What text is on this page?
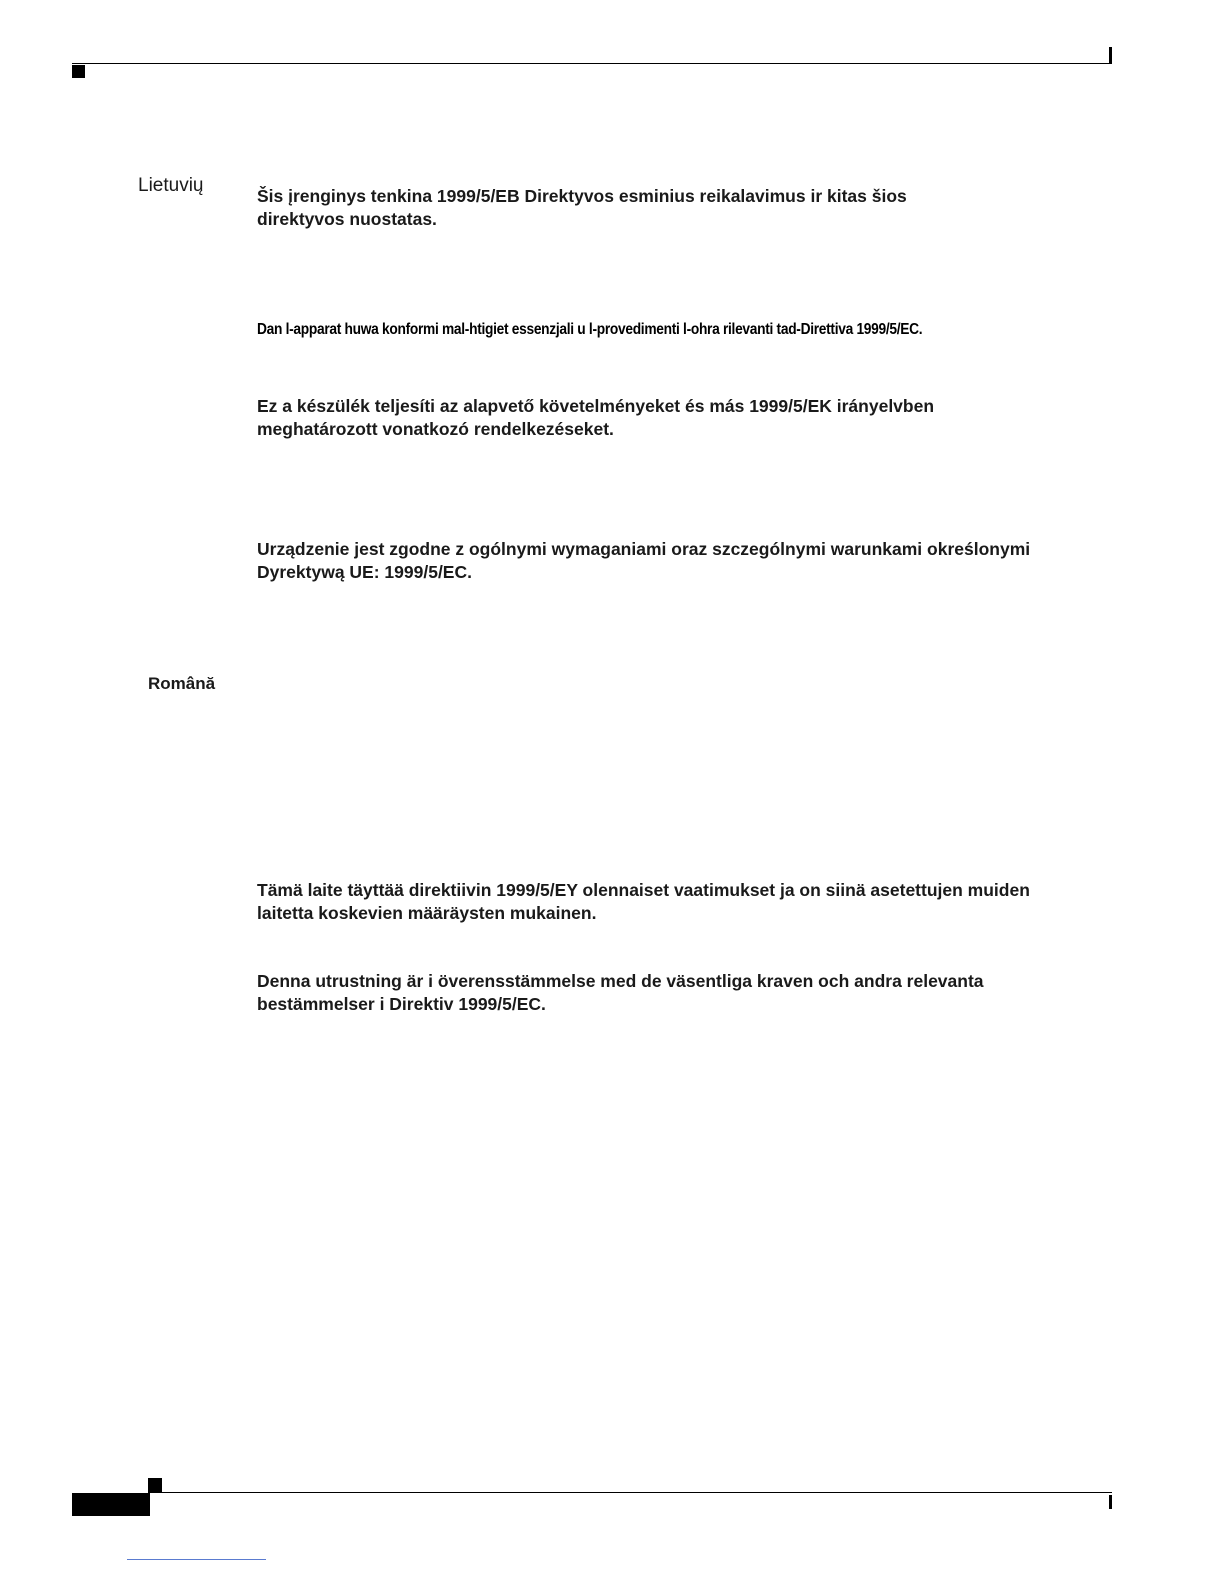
Lietuvių
Română
Šis įrenginys tenkina 1999/5/EB Direktyvos esminius reikalavimus ir kitas šios
direktyvos nuostatas.
Dan l-apparat huwa konformi mal-htigiet essenzjali u l-provedimenti l-ohra rilevanti tad-Direttiva 1999/5/EC.
Ez a készülék teljesíti az alapvető követelményeket és más 1999/5/EK irányelvben
meghatározott vonatkozó rendelkezéseket.
Urządzenie jest zgodne z ogólnymi wymaganiami oraz szczególnymi warunkami określonymi
Dyrektywą UE: 1999/5/EC.
Tämä laite täyttää direktiivin 1999/5/EY olennaiset vaatimukset ja on siinä asetettujen muiden
laitetta koskevien määräysten mukainen.
Denna utrustning är i överensstämmelse med de väsentliga kraven och andra relevanta
bestämmelser i Direktiv 1999/5/EC.
